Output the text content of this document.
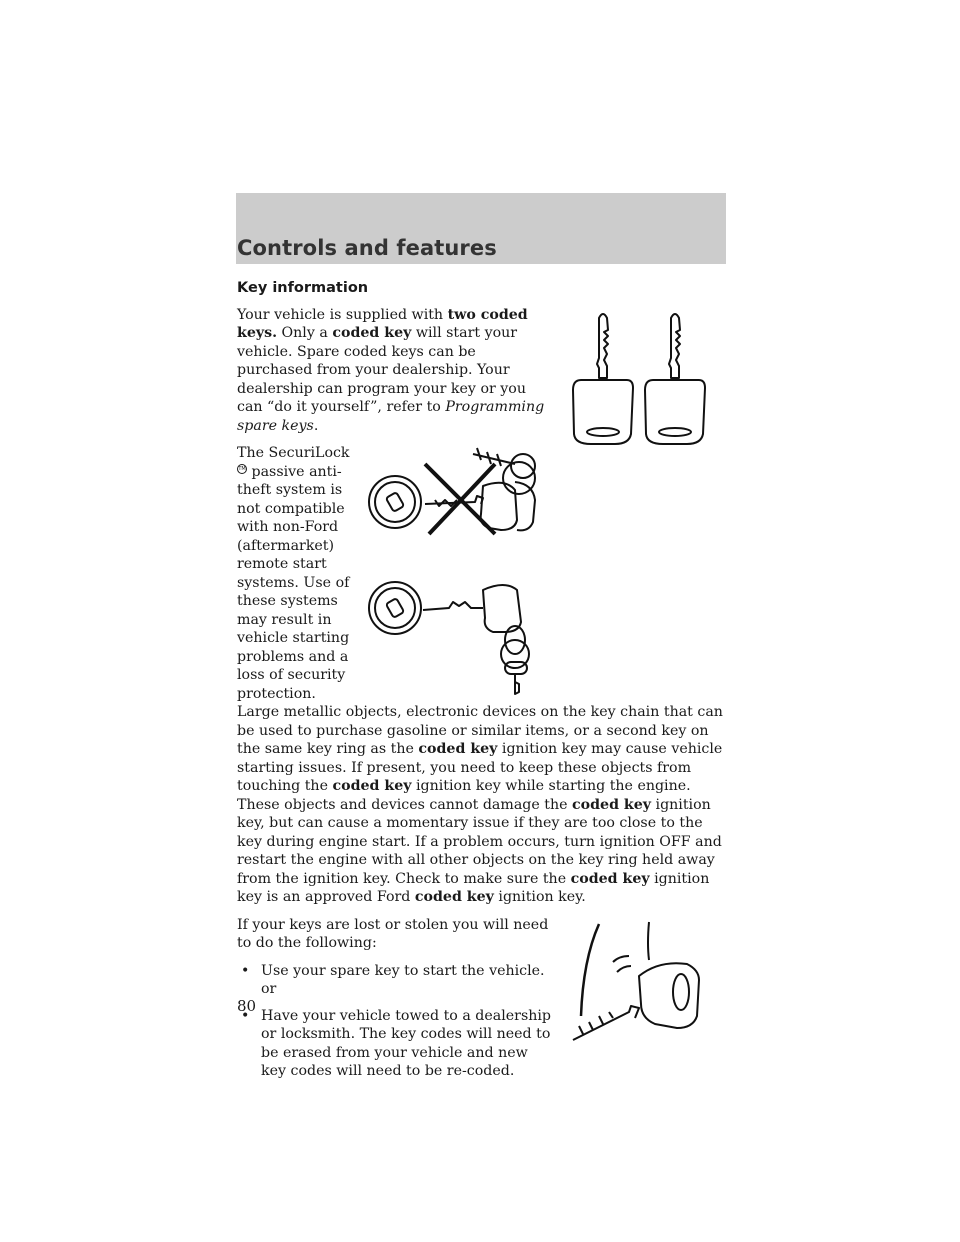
Controls and features
Key information

Your vehicle is supplied with two coded keys. Only a coded key will start your vehicle. Spare coded keys can be purchased from your dealership. Your dealership can program your key or you can “do it yourself”, refer to Programming spare keys.

The SecuriLockTM passive anti-theft system is not compatible with non-Ford (aftermarket) remote start systems. Use of these systems may result in vehicle starting problems and a loss of security protection. Large metallic objects, electronic devices on the key chain that can be used to purchase gasoline or similar items, or a second key on the same key ring as the coded key ignition key may cause vehicle starting issues. If present, you need to keep these objects from touching the coded key ignition key while starting the engine. These objects and devices cannot damage the coded key ignition key, but can cause a momentary issue if they are too close to the key during engine start. If a problem occurs, turn ignition OFF and restart the engine with all other objects on the key ring held away from the ignition key. Check to make sure the coded key ignition key is an approved Ford coded key ignition key.

If your keys are lost or stolen you will need to do the following:

• Use your spare key to start the vehicle. or
• Have your vehicle towed to a dealership or locksmith. The key codes will need to be erased from your vehicle and new key codes will need to be re-coded.
80
